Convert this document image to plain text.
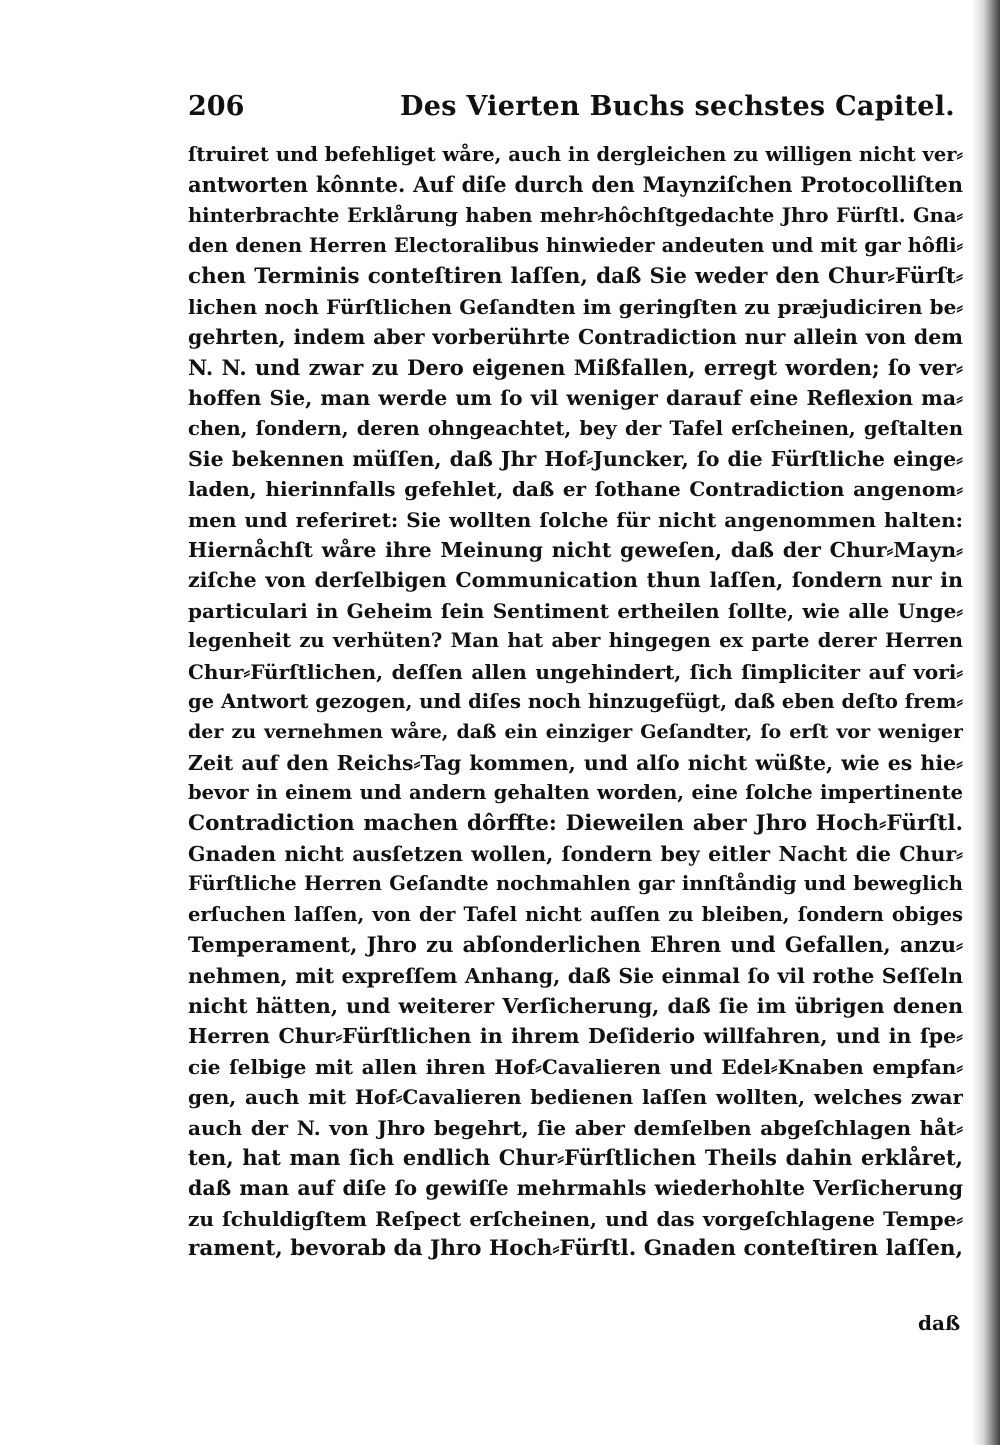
206	Des Vierten Buchs sechstes Capitel.
ſtruiret und befehliget wåre, auch in dergleichen zu willigen nicht ver⸗
antworten kônnte. Auf diſe durch den Maynziſchen Protocolliſten
hinterbrachte Erklårung haben mehr⸗hôchſtgedachte Jhro Fürſtl. Gna⸗
den denen Herren Electoralibus hinwieder andeuten und mit gar hôfli⸗
chen Terminis conteſtiren laſſen, daß Sie weder den Chur⸗Fürſt⸗
lichen noch Fürſtlichen Geſandten im geringſten zu præjudiciren be⸗
gehrten, indem aber vorberührte Contradiction nur allein von dem
N. N. und zwar zu Dero eigenen Mißfallen, erregt worden; ſo ver⸗
hoffen Sie, man werde um ſo vil weniger darauf eine Reflexion ma⸗
chen, ſondern, deren ohngeachtet, bey der Tafel erſcheinen, geſtalten
Sie bekennen müſſen, daß Jhr Hof⸗Juncker, ſo die Fürſtliche einge⸗
laden, hierinnfalls gefehlet, daß er ſothane Contradiction angenom⸗
men und referiret: Sie wollten ſolche für nicht angenommen halten:
Hiernåchſt wåre ihre Meinung nicht geweſen, daß der Chur⸗Mayn⸗
ziſche von derſelbigen Communication thun laſſen, ſondern nur in
particulari in Geheim ſein Sentiment ertheilen ſollte, wie alle Unge⸗
legenheit zu verhüten? Man hat aber hingegen ex parte derer Herren
Chur⸗Fürſtlichen, deſſen allen ungehindert, ſich ſimpliciter auf vori⸗
ge Antwort gezogen, und diſes noch hinzugefügt, daß eben deſto frem⸗
der zu vernehmen wåre, daß ein einziger Geſandter, ſo erſt vor weniger
Zeit auf den Reichs⸗Tag kommen, und alſo nicht wüßte, wie es hie⸗
bevor in einem und andern gehalten worden, eine ſolche impertinente
Contradiction machen dôrffte: Dieweilen aber Jhro Hoch⸗Fürſtl.
Gnaden nicht ausſetzen wollen, ſondern bey eitler Nacht die Chur⸗
Fürſtliche Herren Geſandte nochmahlen gar innſtåndig und beweglich
erſuchen laſſen, von der Tafel nicht auſſen zu bleiben, ſondern obiges
Temperament, Jhro zu abſonderlichen Ehren und Gefallen, anzu⸗
nehmen, mit expreſſem Anhang, daß Sie einmal ſo vil rothe Seſſeln
nicht hätten, und weiterer Verſicherung, daß ſie im übrigen denen
Herren Chur⸗Fürſtlichen in ihrem Deſiderio willfahren, und in ſpe⸗
cie ſelbige mit allen ihren Hof⸗Cavalieren und Edel⸗Knaben empfan⸗
gen, auch mit Hof⸗Cavalieren bedienen laſſen wollten, welches zwar
auch der N. von Jhro begehrt, ſie aber demſelben abgeſchlagen håt⸗
ten, hat man ſich endlich Chur⸗Fürſtlichen Theils dahin erklåret,
daß man auf diſe ſo gewiſſe mehrmahls wiederhohlte Verſicherung
zu ſchuldigſtem Reſpect erſcheinen, und das vorgeſchlagene Tempe⸗
rament, bevorab da Jhro Hoch⸗Fürſtl. Gnaden conteſtiren laſſen,
daß
